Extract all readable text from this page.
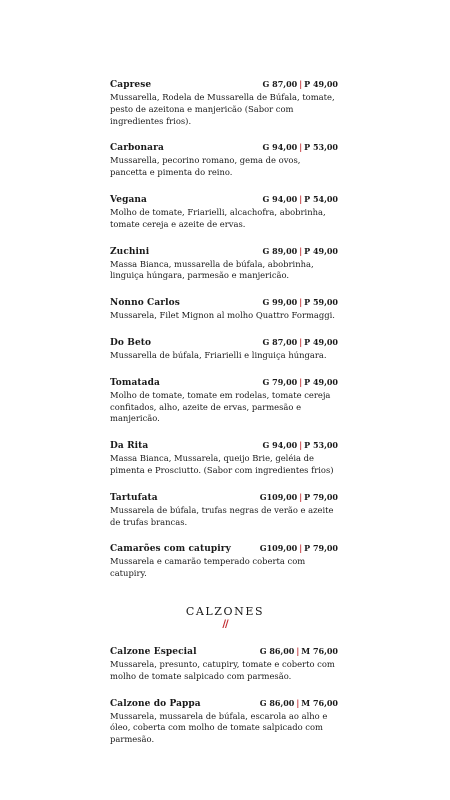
Caprese	G 87,00 | P 49,00
Mussarella, Rodela de Mussarella de Búfala, tomate, pesto de azeitona e manjericão (Sabor com ingredientes frios).
Carbonara	G 94,00 | P 53,00
Mussarella, pecorino romano, gema de ovos, pancetta e pimenta do reino.
Vegana	G 94,00 | P 54,00
Molho de tomate, Friarielli, alcachofra, abobrinha, tomate cereja e azeite de ervas.
Zuchini	G 89,00 | P 49,00
Massa Bianca, mussarella de búfala, abobrinha, linguiça húngara, parmesão e manjericão.
Nonno Carlos	G 99,00 | P 59,00
Mussarela, Filet Mignon al molho Quattro Formaggi.
Do Beto	G 87,00 | P 49,00
Mussarella de búfala, Friarielli e linguiça húngara.
Tomatada	G 79,00 | P 49,00
Molho de tomate, tomate em rodelas, tomate cereja confitados, alho, azeite de ervas, parmesão e manjericão.
Da Rita	G 94,00 | P 53,00
Massa Bianca, Mussarela, queijo Brie, geléia de pimenta e Prosciutto. (Sabor com ingredientes frios)
Tartufata	G109,00 | P 79,00
Mussarela de búfala, trufas negras de verão e azeite de trufas brancas.
Camarões com catupiry	G109,00 | P 79,00
Mussarela e camarão temperado coberta com catupiry.
CALZONES
//
Calzone Especial	G 86,00 | M 76,00
Mussarela, presunto, catupiry, tomate e coberto com molho de tomate salpicado com parmesão.
Calzone do Pappa	G 86,00 | M 76,00
Mussarela, mussarela de búfala, escarola ao alho e óleo, coberta com molho de tomate salpicado com parmesão.
